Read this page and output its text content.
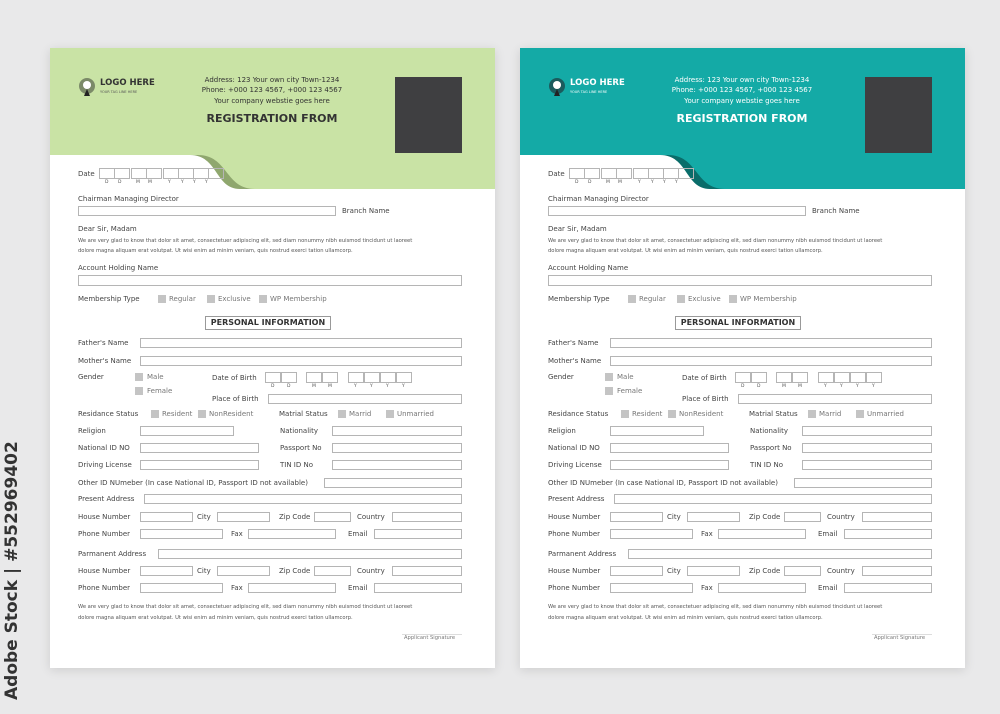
Adobe Stock | #552969402
LOGO HERE
YOUR TAG LINE HERE
Address: 123 Your own city Town-1234
Phone: +000 123 4567, +000 123 4567
Your company webstie goes here
REGISTRATION FROM
Date
D D	M M	Y Y Y Y
Chairman Managing Director
Branch Name
Dear Sir, Madam
We are very glad to know that dolor sit amet, consectetuer adipiscing elit, sed diam nonummy nibh euismod tincidunt ut laoreet
dolore magna aliquam erat volutpat. Ut wisi enim ad minim veniam, quis nostrud exerci tation ullamcorp.
Account Holding Name
Membership Type	Regular	Exclusive	WP Membership
PERSONAL INFORMATION
Father's Name
Mother's Name
Gender	Male
Female
Date of Birth
D	D	M	M	Y	Y	Y	Y
Place of Birth
Residance Status	Resident NonResident	Matrial Status	Marrid	Unmarried
Religion	Nationality
National ID NO	Passport No
Driving License	TIN ID No
Other ID NUmeber (In case National ID, Passport ID not available)
Present Address
House Number	City	Zip Code	Country
Phone Number	Fax	Email
Parmanent Address
House Number	City	Zip Code	Country
Phone Number	Fax	Email
We are very glad to know that dolor sit amet, consectetuer adipiscing elit, sed diam nonummy nibh euismod tincidunt ut laoreet
dolore magna aliquam erat volutpat. Ut wisi enim ad minim veniam, quis nostrud exerci tation ullamcorp.
Applicant Signature
LOGO HERE
YOUR TAG LINE HERE
Address: 123 Your own city Town-1234
Phone: +000 123 4567, +000 123 4567
Your company webstie goes here
REGISTRATION FROM
Date
D D	M M	Y Y Y Y
Chairman Managing Director
Branch Name
Dear Sir, Madam
We are very glad to know that dolor sit amet, consectetuer adipiscing elit, sed diam nonummy nibh euismod tincidunt ut laoreet
dolore magna aliquam erat volutpat. Ut wisi enim ad minim veniam, quis nostrud exerci tation ullamcorp.
Account Holding Name
Membership Type	Regular	Exclusive	WP Membership
PERSONAL INFORMATION
Father's Name
Mother's Name
Gender	Male
Female
Date of Birth
D	D	M	M	Y	Y	Y	Y
Place of Birth
Residance Status	Resident NonResident	Matrial Status	Marrid	Unmarried
Religion	Nationality
National ID NO	Passport No
Driving License	TIN ID No
Other ID NUmeber (In case National ID, Passport ID not available)
Present Address
House Number	City	Zip Code	Country
Phone Number	Fax	Email
Parmanent Address
House Number	City	Zip Code	Country
Phone Number	Fax	Email
We are very glad to know that dolor sit amet, consectetuer adipiscing elit, sed diam nonummy nibh euismod tincidunt ut laoreet
dolore magna aliquam erat volutpat. Ut wisi enim ad minim veniam, quis nostrud exerci tation ullamcorp.
Applicant Signature
